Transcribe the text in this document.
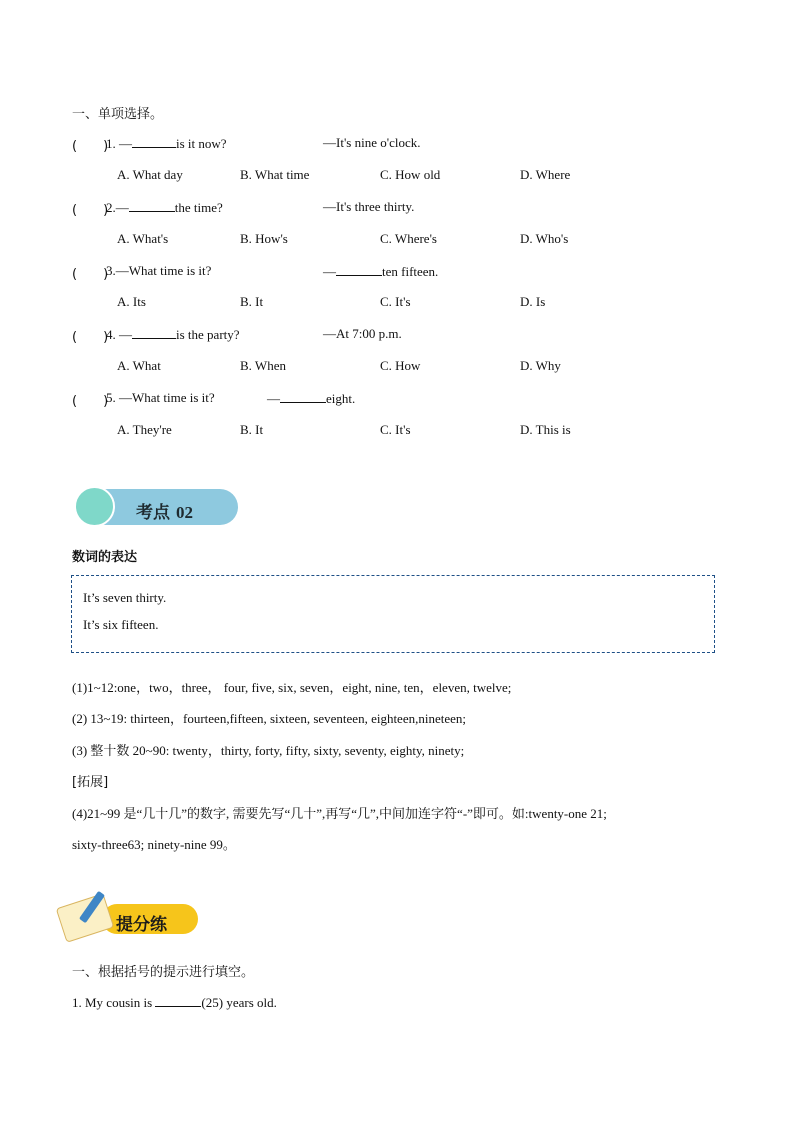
一、单项选择。
(　　)
1. —	is it now?	—It's nine o'clock.
A. What day	B. What time	C. How old	D. Where
(　　)
2.—	the time?	—It's three thirty.
A. What's	B. How's	C. Where's	D. Who's
(　　)
3.—What time is it?	—	ten fifteen.
A. Its	B. It	C. It's	D. Is
(　　)
4. —	is the party?	—At 7:00 p.m.
A. What	B. When	C. How	D. Why
(　　)
5. —What time is it?	—	eight.
A. They're	B. It	C. It's	D. This is
考点 02
数词的表达
It’s seven thirty.
It’s six fifteen.
(1)1~12:one，two，three， four, five, six, seven，eight, nine, ten，eleven, twelve;
(2) 13~19: thirteen，fourteen,fifteen, sixteen, seventeen, eighteen,nineteen;
(3) 整十数 20~90: twenty，thirty, forty, fifty, sixty, seventy, eighty, ninety;
[拓展]
(4)21~99 是“几十几”的数字, 需要先写“几十”,再写“几”,中间加连字符“-”即可。如:twenty-one 21;
sixty-three63; ninety-nine 99。
提分练
一、根据括号的提示进行填空。
1. My cousin is	(25) years old.
